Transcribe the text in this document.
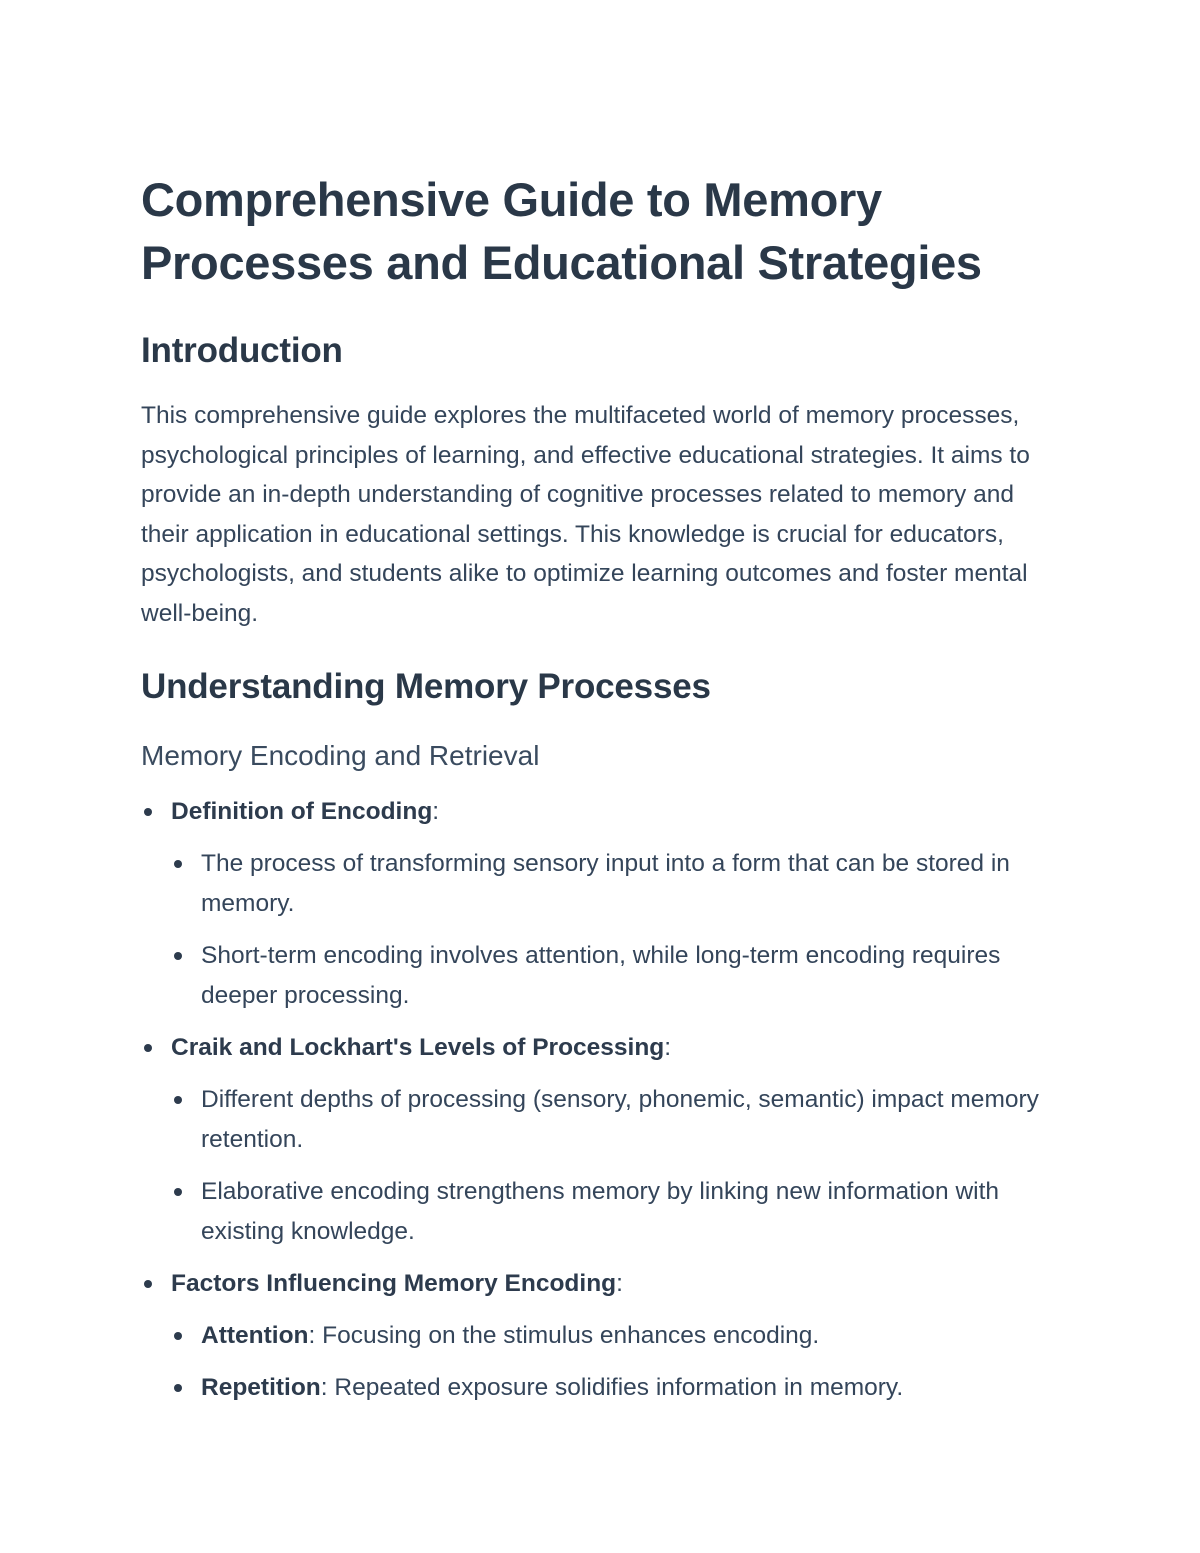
Comprehensive Guide to Memory Processes and Educational Strategies
Introduction

This comprehensive guide explores the multifaceted world of memory processes, psychological principles of learning, and effective educational strategies. It aims to provide an in-depth understanding of cognitive processes related to memory and their application in educational settings. This knowledge is crucial for educators, psychologists, and students alike to optimize learning outcomes and foster mental well-being.

Understanding Memory Processes
Memory Encoding and Retrieval
Definition of Encoding:
The process of transforming sensory input into a form that can be stored in memory.
Short-term encoding involves attention, while long-term encoding requires deeper processing.
Craik and Lockhart's Levels of Processing:
Different depths of processing (sensory, phonemic, semantic) impact memory retention.
Elaborative encoding strengthens memory by linking new information with existing knowledge.
Factors Influencing Memory Encoding:
Attention: Focusing on the stimulus enhances encoding.
Repetition: Repeated exposure solidifies information in memory.
